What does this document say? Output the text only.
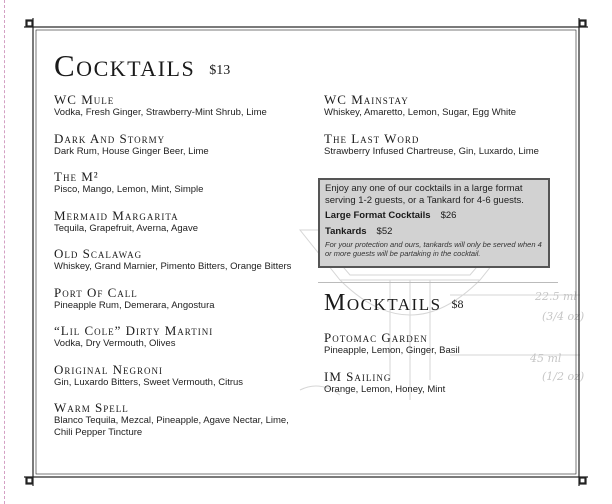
22.5 ml
(3/4 oz)
45 ml
(1/2 oz)
Cocktails $13
WC Mule
Vodka, Fresh Ginger, Strawberry-Mint Shrub, Lime
Dark And Stormy
Dark Rum, House Ginger Beer, Lime
The M²
Pisco, Mango, Lemon, Mint, Simple
Mermaid Margarita
Tequila, Grapefruit, Averna, Agave
Old Scalawag
Whiskey, Grand Marnier, Pimento Bitters, Orange Bitters
Port Of Call
Pineapple Rum, Demerara, Angostura
“Lil Cole” Dirty Martini
Vodka, Dry Vermouth, Olives
Original Negroni
Gin, Luxardo Bitters, Sweet Vermouth, Citrus
Warm Spell
Blanco Tequila, Mezcal, Pineapple, Agave Nectar, Lime, Chili Pepper Tincture
WC Mainstay
Whiskey, Amaretto, Lemon, Sugar, Egg White
The Last Word
Strawberry Infused Chartreuse, Gin, Luxardo, Lime
Enjoy any one of our cocktails in a large format serving 1-2 guests, or a Tankard for 4-6 guests.
Large Format Cocktails $26
Tankards $52
For your protection and ours, tankards will only be served when 4 or more guests will be partaking in the cocktail.
Mocktails $8
Potomac Garden
Pineapple, Lemon, Ginger, Basil
IM Sailing
Orange, Lemon, Honey, Mint
